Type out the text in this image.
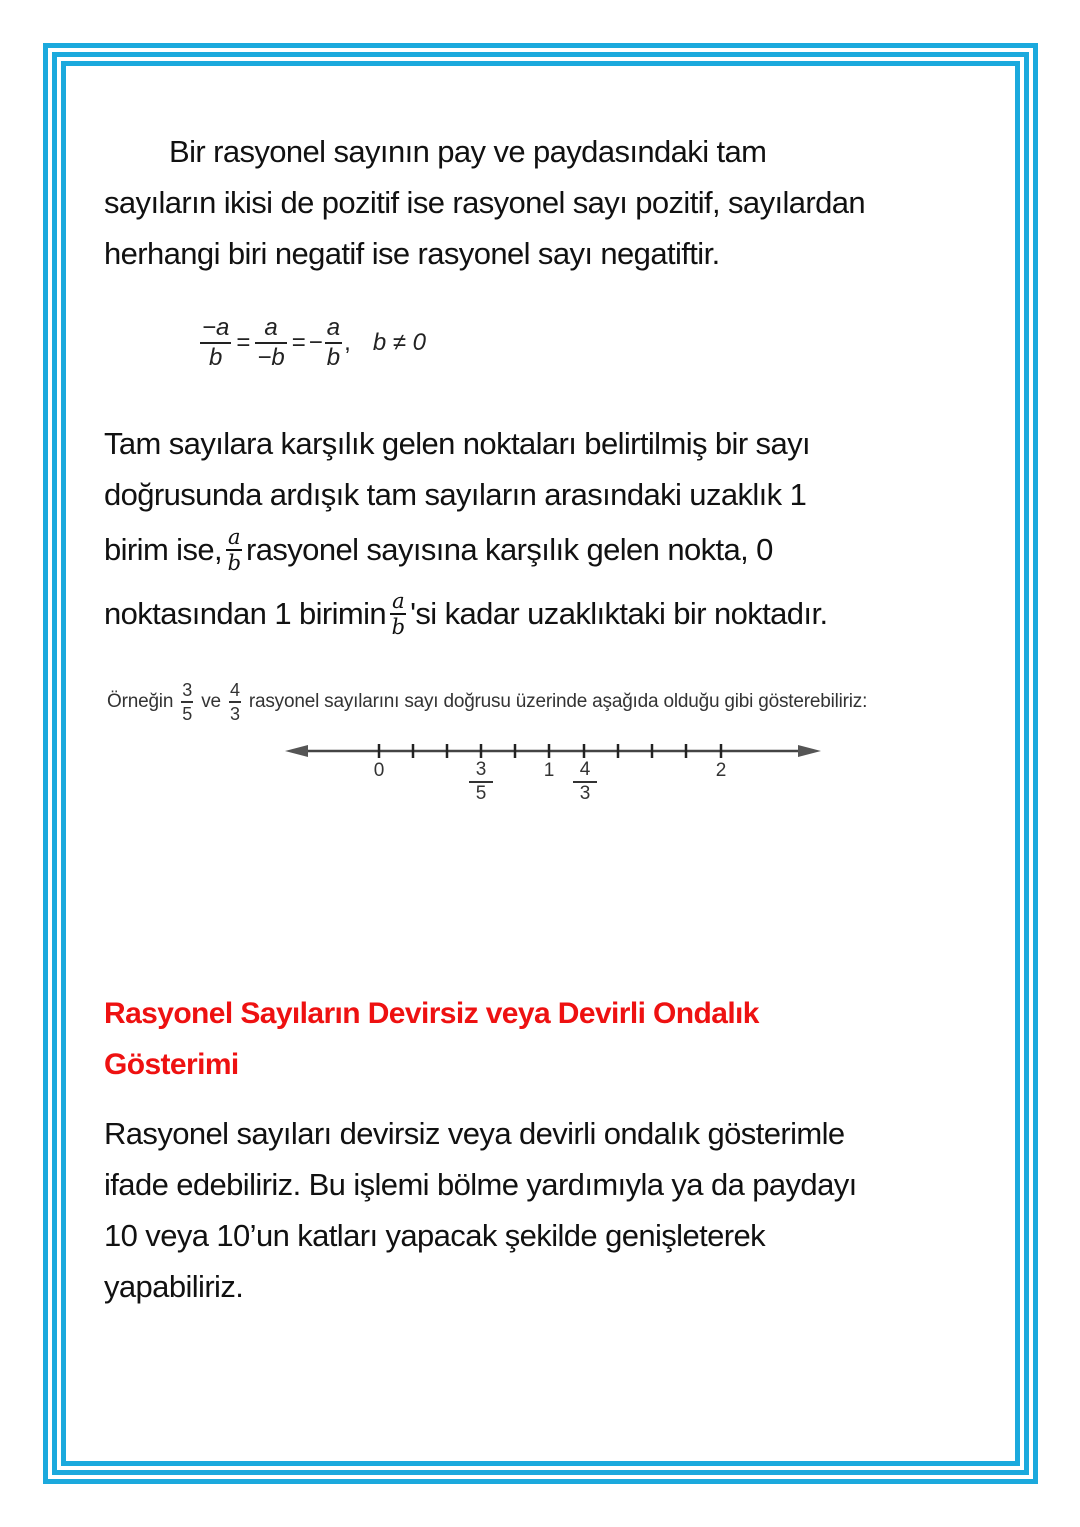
Bir rasyonel sayının pay ve paydasındaki tam
sayıların ikisi de pozitif ise rasyonel sayı pozitif, sayılardan
herhangi biri negatif ise rasyonel sayı negatiftir.
$\frac{-a}{b} = \frac{a}{-b}$ = − $\frac{a}{b}$ , b ≠ 0
Tam sayılara karşılık gelen noktaları belirtilmiş bir sayı
doğrusunda ardışık tam sayıların arasındaki uzaklık 1
birim ise, $\frac{a}{b}$ rasyonel sayısına karşılık gelen nokta, 0
noktasından 1 birimin $\frac{a}{b}$ 'si kadar uzaklıktaki bir noktadır.
Örneğin $\frac{3}{5}$ ve $\frac{4}{3}$ rasyonel sayılarını sayı doğrusu üzerinde aşağıda olduğu gibi gösterebiliriz:
0	3
5
1 4
3
2
Rasyonel Sayıların Devirsiz veya Devirli Ondalık
Gösterimi
Rasyonel sayıları devirsiz veya devirli ondalık gösterimle
ifade edebiliriz. Bu işlemi bölme yardımıyla ya da paydayı
10 veya 10’un katları yapacak şekilde genişleterek
yapabiliriz.
